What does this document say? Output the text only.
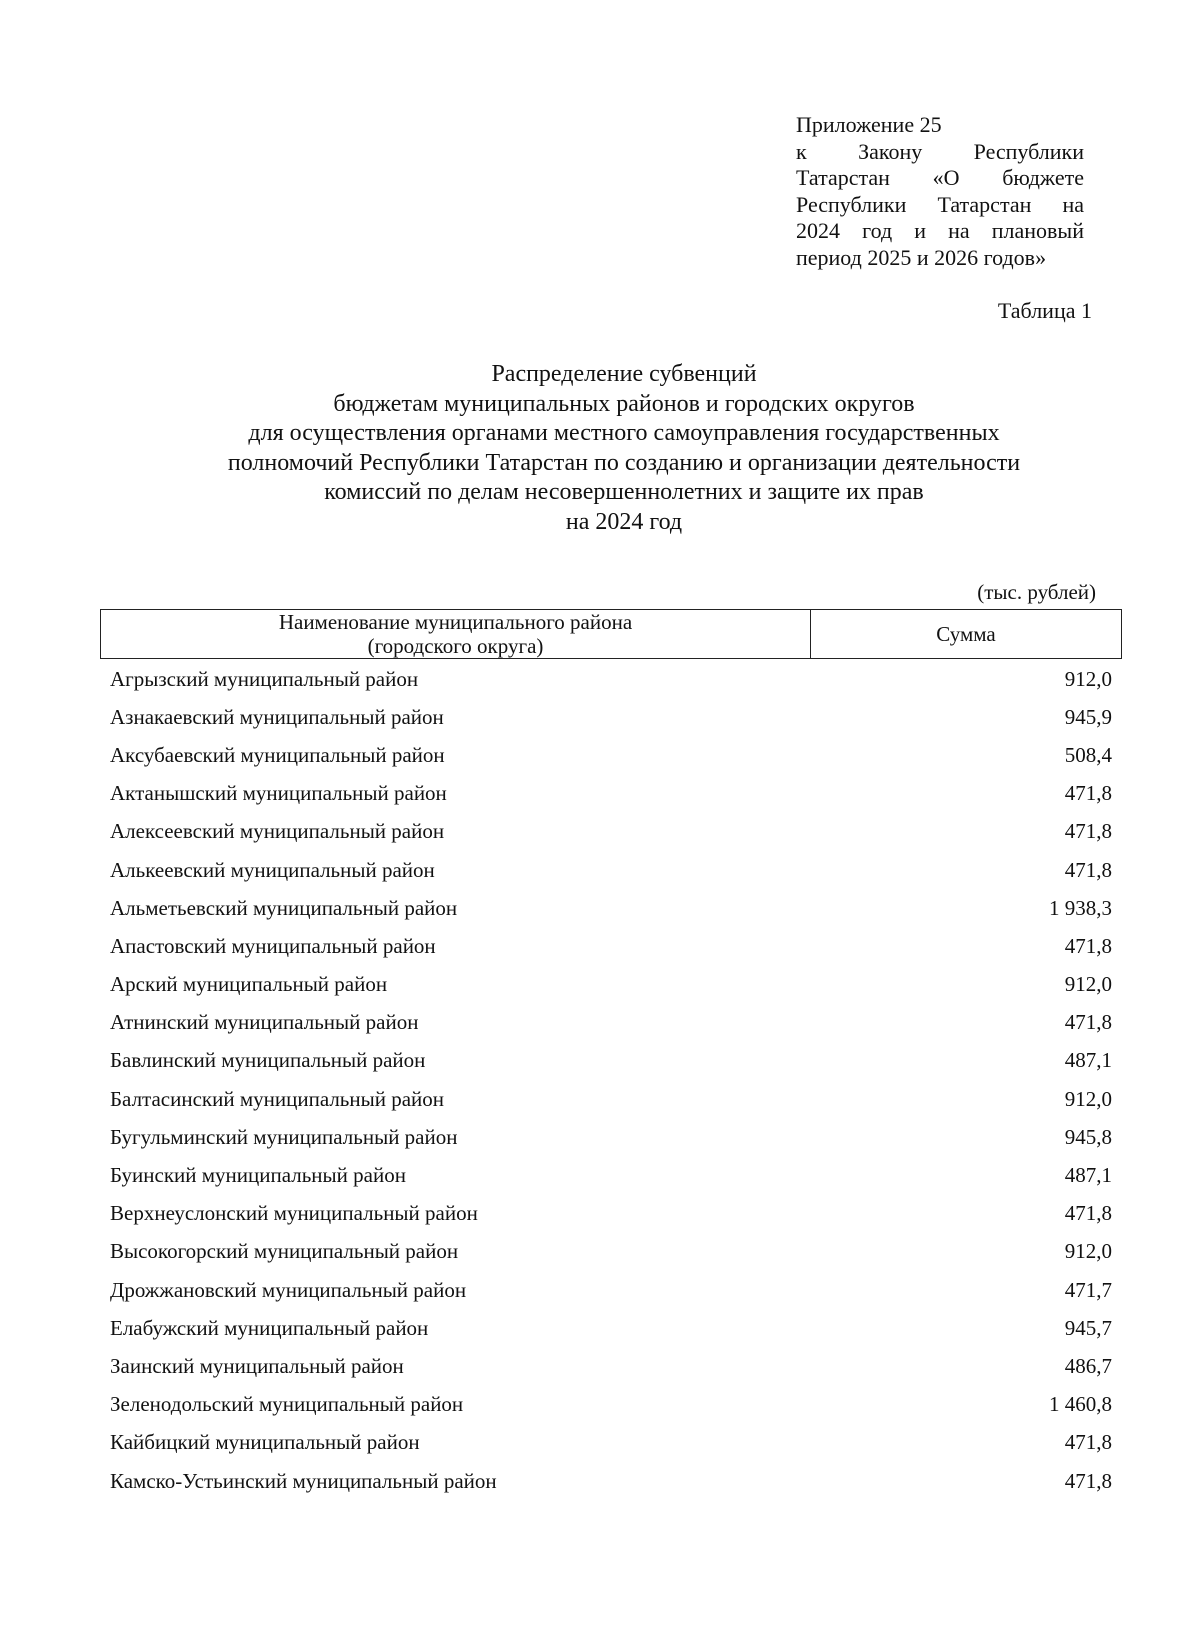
Приложение 25
к Закону Республики
Татарстан «О бюджете
Республики Татарстан на
2024 год и на плановый
период 2025 и 2026 годов»
Таблица 1
Распределение субвенций
бюджетам муниципальных районов и городских округов
для осуществления органами местного самоуправления государственных
полномочий Республики Татарстан по созданию и организации деятельности
комиссий по делам несовершеннолетних и защите их прав
на 2024 год
(тыс. рублей)
Наименование муниципального района
(городского округа)	Сумма
Агрызский муниципальный район	912,0
Азнакаевский муниципальный район	945,9
Аксубаевский муниципальный район	508,4
Актанышский муниципальный район	471,8
Алексеевский муниципальный район	471,8
Алькеевский муниципальный район	471,8
Альметьевский муниципальный район	1 938,3
Апастовский муниципальный район	471,8
Арский муниципальный район	912,0
Атнинский муниципальный район	471,8
Бавлинский муниципальный район	487,1
Балтасинский муниципальный район	912,0
Бугульминский муниципальный район	945,8
Буинский муниципальный район	487,1
Верхнеуслонский муниципальный район	471,8
Высокогорский муниципальный район	912,0
Дрожжановский муниципальный район	471,7
Елабужский муниципальный район	945,7
Заинский муниципальный район	486,7
Зеленодольский муниципальный район	1 460,8
Кайбицкий муниципальный район	471,8
Камско-Устьинский муниципальный район	471,8
